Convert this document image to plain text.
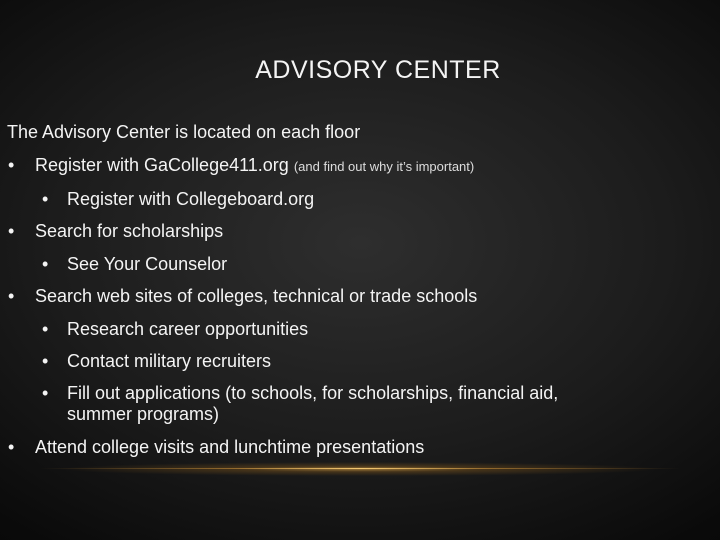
ADVISORY CENTER
The Advisory Center is located on each floor
• Register with GaCollege411.org (and find out why it’s important)
• Register with Collegeboard.org
• Search for scholarships
• See Your Counselor
• Search web sites of colleges, technical or trade schools
• Research career opportunities
• Contact military recruiters
• Fill out applications (to schools, for scholarships, financial aid,
summer programs)
• Attend college visits and lunchtime presentations
